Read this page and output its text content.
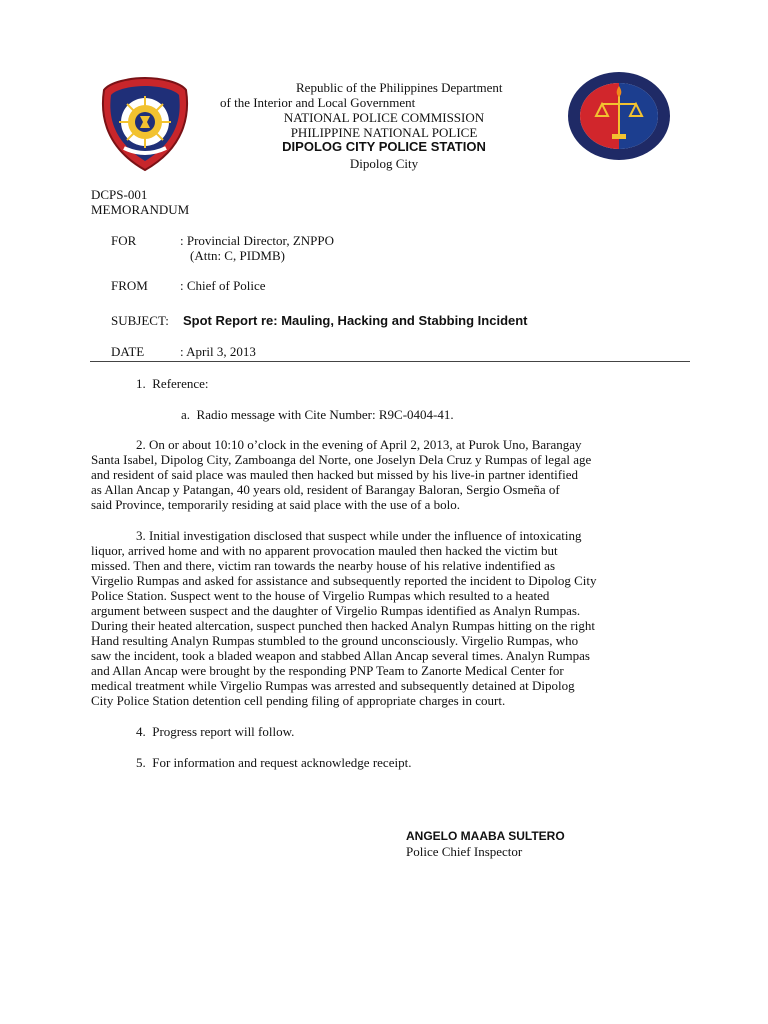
Republic of the Philippines Department
of the Interior and Local Government
NATIONAL POLICE COMMISSION
PHILIPPINE NATIONAL POLICE
DIPOLOG CITY POLICE STATION
Dipolog City
DCPS-001
MEMORANDUM
FOR	: Provincial Director, ZNPPO
(Attn: C, PIDMB)
FROM : Chief of Police
SUBJECT: Spot Report re: Mauling, Hacking and Stabbing Incident
DATE	: April 3, 2013
1.  Reference:
a.  Radio message with Cite Number: R9C-0404-41.
2. On or about 10:10 o’clock in the evening of April 2, 2013, at Purok Uno, Barangay
Santa Isabel, Dipolog City, Zamboanga del Norte, one Joselyn Dela Cruz y Rumpas of legal age
and resident of said place was mauled then hacked but missed by his live-in partner identified
as Allan Ancap y Patangan, 40 years old, resident of Barangay Baloran, Sergio Osmeña of
said Province, temporarily residing at said place with the use of a bolo.
3. Initial investigation disclosed that suspect while under the influence of intoxicating
liquor, arrived home and with no apparent provocation mauled then hacked the victim but
missed. Then and there, victim ran towards the nearby house of his relative indentified as
Virgelio Rumpas and asked for assistance and subsequently reported the incident to Dipolog City
Police Station. Suspect went to the house of Virgelio Rumpas which resulted to a heated
argument between suspect and the daughter of Virgelio Rumpas identified as Analyn Rumpas.
During their heated altercation, suspect punched then hacked Analyn Rumpas hitting on the right
Hand resulting Analyn Rumpas stumbled to the ground unconsciously. Virgelio Rumpas, who
saw the incident, took a bladed weapon and stabbed Allan Ancap several times. Analyn Rumpas
and Allan Ancap were brought by the responding PNP Team to Zanorte Medical Center for
medical treatment while Virgelio Rumpas was arrested and subsequently detained at Dipolog
City Police Station detention cell pending filing of appropriate charges in court.
4.  Progress report will follow.
5.  For information and request acknowledge receipt.
ANGELO MAABA SULTERO
Police Chief Inspector
